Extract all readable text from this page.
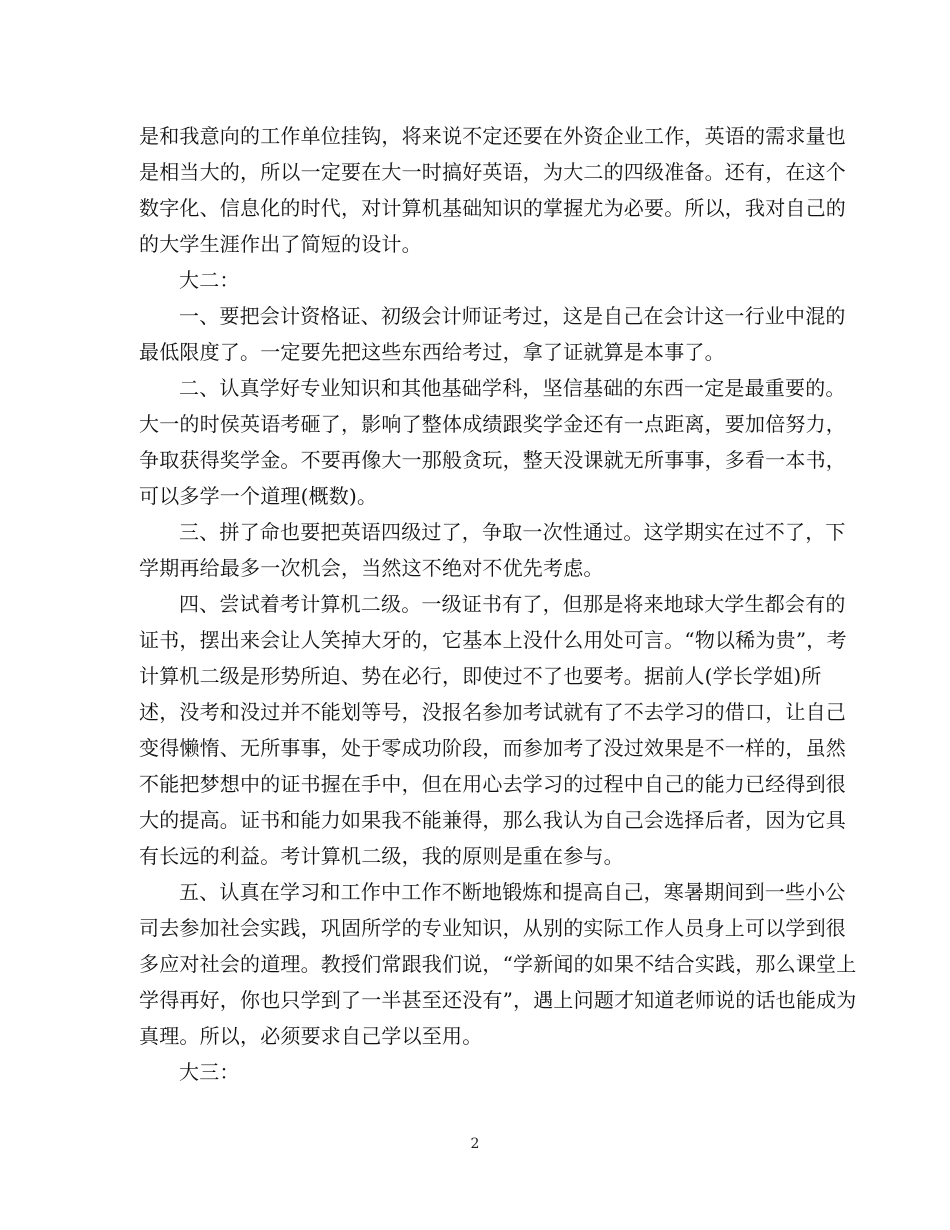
是和我意向的工作单位挂钩，将来说不定还要在外资企业工作，英语的需求量也
是相当大的，所以一定要在大一时搞好英语，为大二的四级准备。还有，在这个
数字化、信息化的时代，对计算机基础知识的掌握尤为必要。所以，我对自己的
的大学生涯作出了简短的设计。
大二：
一、要把会计资格证、初级会计师证考过，这是自己在会计这一行业中混的
最低限度了。一定要先把这些东西给考过，拿了证就算是本事了。
二、认真学好专业知识和其他基础学科，坚信基础的东西一定是最重要的。
大一的时侯英语考砸了，影响了整体成绩跟奖学金还有一点距离，要加倍努力，
争取获得奖学金。不要再像大一那般贪玩，整天没课就无所事事，多看一本书，
可以多学一个道理(概数)。
三、拼了命也要把英语四级过了，争取一次性通过。这学期实在过不了，下
学期再给最多一次机会，当然这不绝对不优先考虑。
四、尝试着考计算机二级。一级证书有了，但那是将来地球大学生都会有的
证书，摆出来会让人笑掉大牙的，它基本上没什么用处可言。“物以稀为贵”，考
计算机二级是形势所迫、势在必行，即使过不了也要考。据前人(学长学姐)所
述，没考和没过并不能划等号，没报名参加考试就有了不去学习的借口，让自己
变得懒惰、无所事事，处于零成功阶段，而参加考了没过效果是不一样的，虽然
不能把梦想中的证书握在手中，但在用心去学习的过程中自己的能力已经得到很
大的提高。证书和能力如果我不能兼得，那么我认为自己会选择后者，因为它具
有长远的利益。考计算机二级，我的原则是重在参与。
五、认真在学习和工作中工作不断地锻炼和提高自己，寒暑期间到一些小公
司去参加社会实践，巩固所学的专业知识，从别的实际工作人员身上可以学到很
多应对社会的道理。教授们常跟我们说，“学新闻的如果不结合实践，那么课堂上
学得再好，你也只学到了一半甚至还没有”，遇上问题才知道老师说的话也能成为
真理。所以，必须要求自己学以至用。
大三：
2
